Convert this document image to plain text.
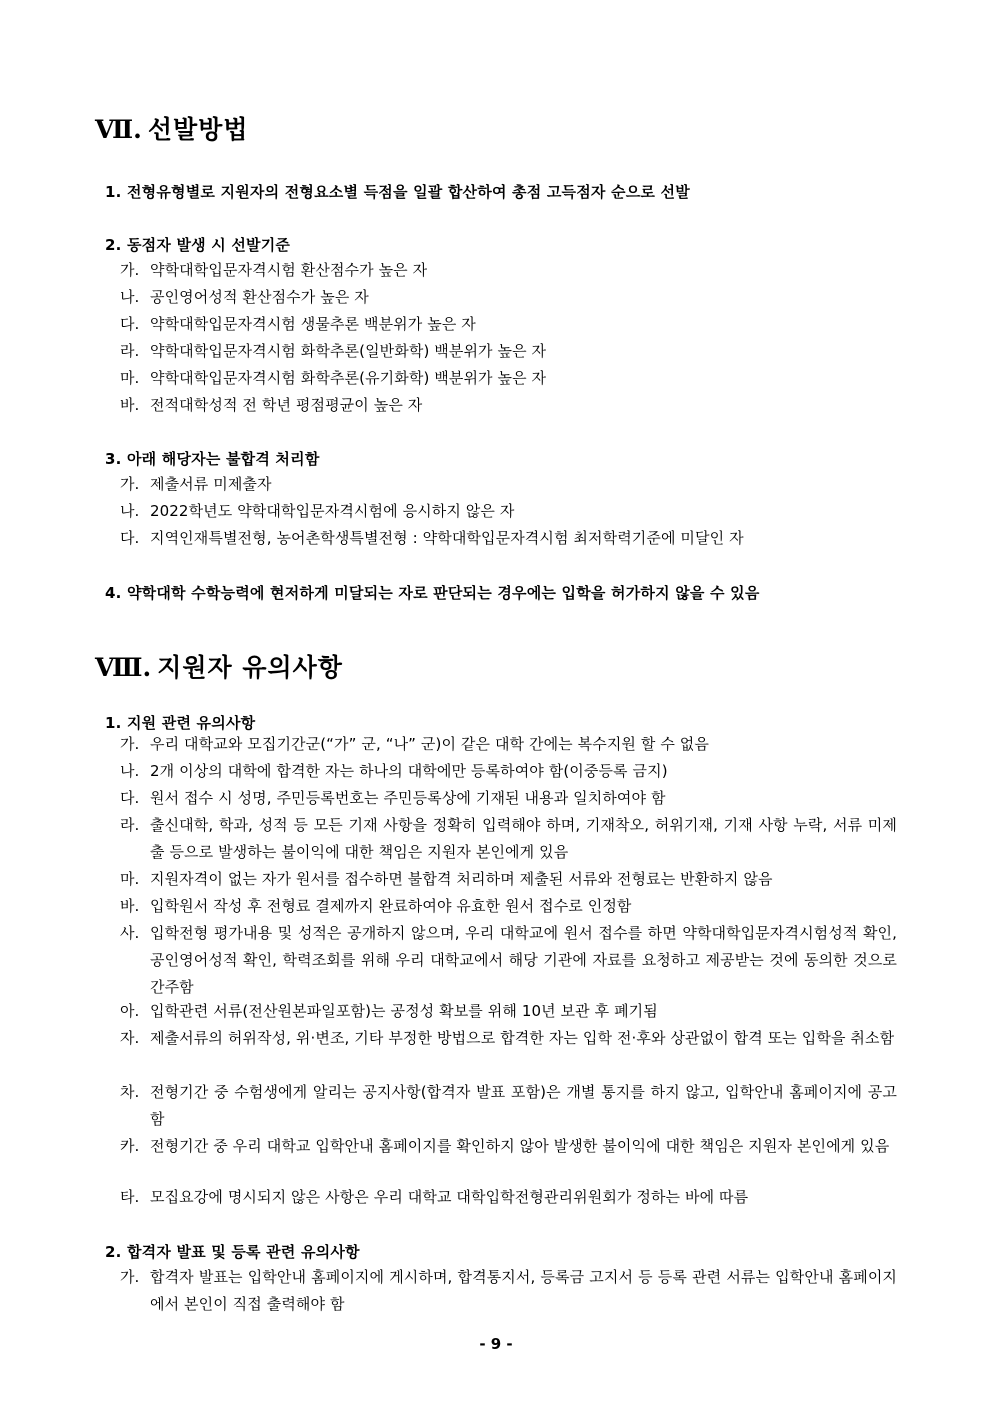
Ⅶ. 선발방법
1. 전형유형별로 지원자의 전형요소별 득점을 일괄 합산하여 총점 고득점자 순으로 선발
2. 동점자 발생 시 선발기준
가. 약학대학입문자격시험 환산점수가 높은 자
나. 공인영어성적 환산점수가 높은 자
다. 약학대학입문자격시험 생물추론 백분위가 높은 자
라. 약학대학입문자격시험 화학추론(일반화학) 백분위가 높은 자
마. 약학대학입문자격시험 화학추론(유기화학) 백분위가 높은 자
바. 전적대학성적 전 학년 평점평균이 높은 자
3. 아래 해당자는 불합격 처리함
가. 제출서류 미제출자
나. 2022학년도 약학대학입문자격시험에 응시하지 않은 자
다. 지역인재특별전형, 농어촌학생특별전형 : 약학대학입문자격시험 최저학력기준에 미달인 자
4. 약학대학 수학능력에 현저하게 미달되는 자로 판단되는 경우에는 입학을 허가하지 않을 수 있음
Ⅷ. 지원자 유의사항
1. 지원 관련 유의사항
가. 우리 대학교와 모집기간군(“가” 군, “나” 군)이 같은 대학 간에는 복수지원 할 수 없음
나. 2개 이상의 대학에 합격한 자는 하나의 대학에만 등록하여야 함(이중등록 금지)
다. 원서 접수 시 성명, 주민등록번호는 주민등록상에 기재된 내용과 일치하여야 함
라. 출신대학, 학과, 성적 등 모든 기재 사항을 정확히 입력해야 하며, 기재착오, 허위기재, 기재 사항 누락, 서류 미제출 등으로 발생하는 불이익에 대한 책임은 지원자 본인에게 있음
마. 지원자격이 없는 자가 원서를 접수하면 불합격 처리하며 제출된 서류와 전형료는 반환하지 않음
바. 입학원서 작성 후 전형료 결제까지 완료하여야 유효한 원서 접수로 인정함
사. 입학전형 평가내용 및 성적은 공개하지 않으며, 우리 대학교에 원서 접수를 하면 약학대학입문자격시험성적 확인, 공인영어성적 확인, 학력조회를 위해 우리 대학교에서 해당 기관에 자료를 요청하고 제공받는 것에 동의한 것으로 간주함
아. 입학관련 서류(전산원본파일포함)는 공정성 확보를 위해 10년 보관 후 폐기됨
자. 제출서류의 허위작성, 위·변조, 기타 부정한 방법으로 합격한 자는 입학 전·후와 상관없이 합격 또는 입학을 취소함
차. 전형기간 중 수험생에게 알리는 공지사항(합격자 발표 포함)은 개별 통지를 하지 않고, 입학안내 홈페이지에 공고함
카. 전형기간 중 우리 대학교 입학안내 홈페이지를 확인하지 않아 발생한 불이익에 대한 책임은 지원자 본인에게 있음
타. 모집요강에 명시되지 않은 사항은 우리 대학교 대학입학전형관리위원회가 정하는 바에 따름
2. 합격자 발표 및 등록 관련 유의사항
가. 합격자 발표는 입학안내 홈페이지에 게시하며, 합격통지서, 등록금 고지서 등 등록 관련 서류는 입학안내 홈페이지에서 본인이 직접 출력해야 함
- 9 -
